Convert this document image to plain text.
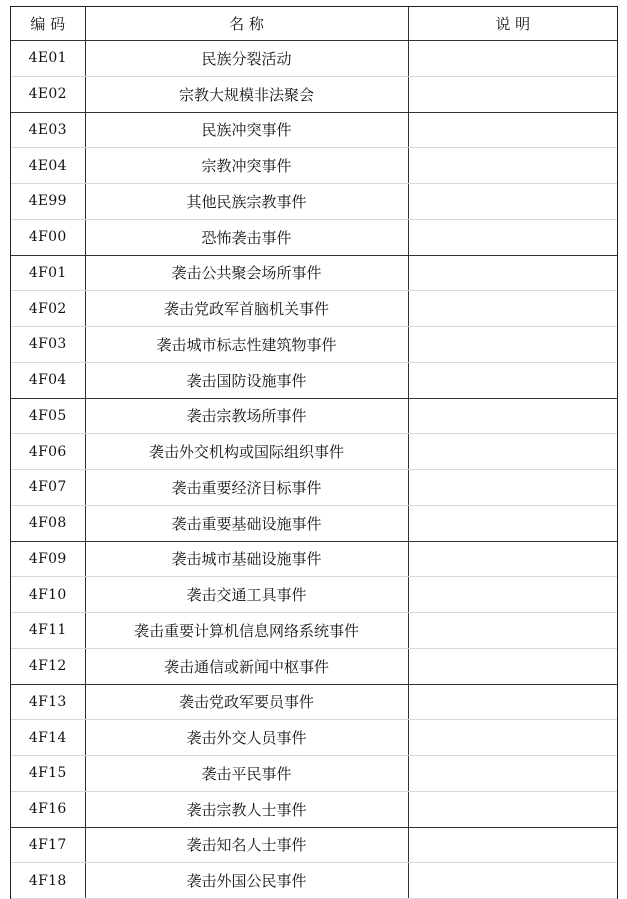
编 码	名 称	说 明
4E01	民族分裂活动	
4E02	宗教大规模非法聚会	
4E03	民族冲突事件	
4E04	宗教冲突事件	
4E99	其他民族宗教事件	
4F00	恐怖袭击事件	
4F01	袭击公共聚会场所事件	
4F02	袭击党政军首脑机关事件	
4F03	袭击城市标志性建筑物事件	
4F04	袭击国防设施事件	
4F05	袭击宗教场所事件	
4F06	袭击外交机构或国际组织事件	
4F07	袭击重要经济目标事件	
4F08	袭击重要基础设施事件	
4F09	袭击城市基础设施事件	
4F10	袭击交通工具事件	
4F11	袭击重要计算机信息网络系统事件	
4F12	袭击通信或新闻中枢事件	
4F13	袭击党政军要员事件	
4F14	袭击外交人员事件	
4F15	袭击平民事件	
4F16	袭击宗教人士事件	
4F17	袭击知名人士事件	
4F18	袭击外国公民事件	
